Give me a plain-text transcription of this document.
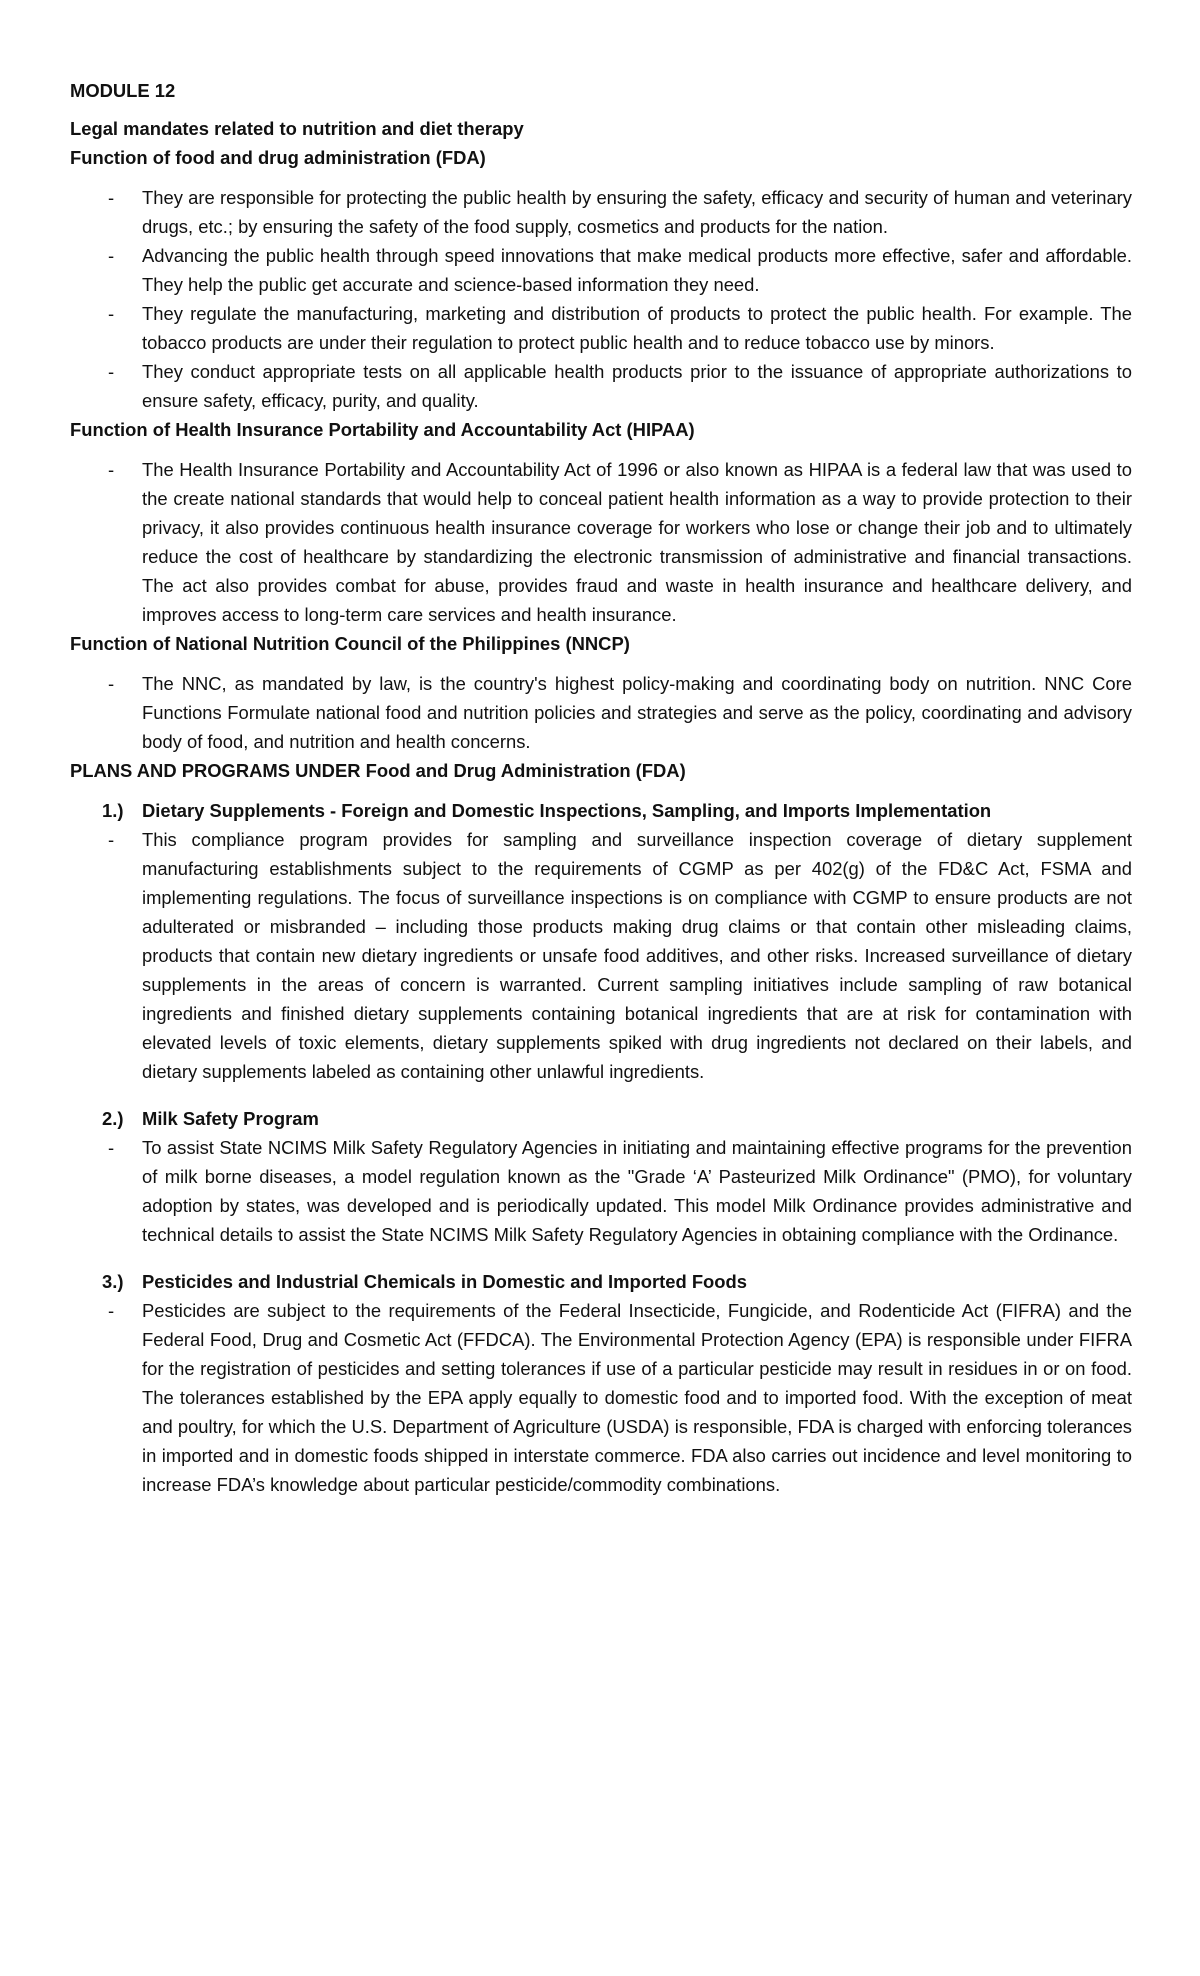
MODULE 12
Legal mandates related to nutrition and diet therapy
Function of food and drug administration (FDA)
- They are responsible for protecting the public health by ensuring the safety, efficacy and security of human and veterinary drugs, etc.; by ensuring the safety of the food supply, cosmetics and products for the nation.
- Advancing the public health through speed innovations that make medical products more effective, safer and affordable. They help the public get accurate and science-based information they need.
- They regulate the manufacturing, marketing and distribution of products to protect the public health. For example. The tobacco products are under their regulation to protect public health and to reduce tobacco use by minors.
- They conduct appropriate tests on all applicable health products prior to the issuance of appropriate authorizations to ensure safety, efficacy, purity, and quality.
Function of Health Insurance Portability and Accountability Act (HIPAA)
- The Health Insurance Portability and Accountability Act of 1996 or also known as HIPAA is a federal law that was used to the create national standards that would help to conceal patient health information as a way to provide protection to their privacy, it also provides continuous health insurance coverage for workers who lose or change their job and to ultimately reduce the cost of healthcare by standardizing the electronic transmission of administrative and financial transactions. The act also provides combat for abuse, provides fraud and waste in health insurance and healthcare delivery, and improves access to long-term care services and health insurance.
Function of National Nutrition Council of the Philippines (NNCP)
- The NNC, as mandated by law, is the country's highest policy-making and coordinating body on nutrition. NNC Core Functions Formulate national food and nutrition policies and strategies and serve as the policy, coordinating and advisory body of food, and nutrition and health concerns.
PLANS AND PROGRAMS UNDER Food and Drug Administration (FDA)
1.) Dietary Supplements - Foreign and Domestic Inspections, Sampling, and Imports Implementation
- This compliance program provides for sampling and surveillance inspection coverage of dietary supplement manufacturing establishments subject to the requirements of CGMP as per 402(g) of the FD&C Act, FSMA and implementing regulations. The focus of surveillance inspections is on compliance with CGMP to ensure products are not adulterated or misbranded – including those products making drug claims or that contain other misleading claims, products that contain new dietary ingredients or unsafe food additives, and other risks. Increased surveillance of dietary supplements in the areas of concern is warranted. Current sampling initiatives include sampling of raw botanical ingredients and finished dietary supplements containing botanical ingredients that are at risk for contamination with elevated levels of toxic elements, dietary supplements spiked with drug ingredients not declared on their labels, and dietary supplements labeled as containing other unlawful ingredients.
2.) Milk Safety Program
- To assist State NCIMS Milk Safety Regulatory Agencies in initiating and maintaining effective programs for the prevention of milk borne diseases, a model regulation known as the "Grade ‘A’ Pasteurized Milk Ordinance" (PMO), for voluntary adoption by states, was developed and is periodically updated. This model Milk Ordinance provides administrative and technical details to assist the State NCIMS Milk Safety Regulatory Agencies in obtaining compliance with the Ordinance.
3.) Pesticides and Industrial Chemicals in Domestic and Imported Foods
- Pesticides are subject to the requirements of the Federal Insecticide, Fungicide, and Rodenticide Act (FIFRA) and the Federal Food, Drug and Cosmetic Act (FFDCA). The Environmental Protection Agency (EPA) is responsible under FIFRA for the registration of pesticides and setting tolerances if use of a particular pesticide may result in residues in or on food. The tolerances established by the EPA apply equally to domestic food and to imported food. With the exception of meat and poultry, for which the U.S. Department of Agriculture (USDA) is responsible, FDA is charged with enforcing tolerances in imported and in domestic foods shipped in interstate commerce. FDA also carries out incidence and level monitoring to increase FDA’s knowledge about particular pesticide/commodity combinations.
